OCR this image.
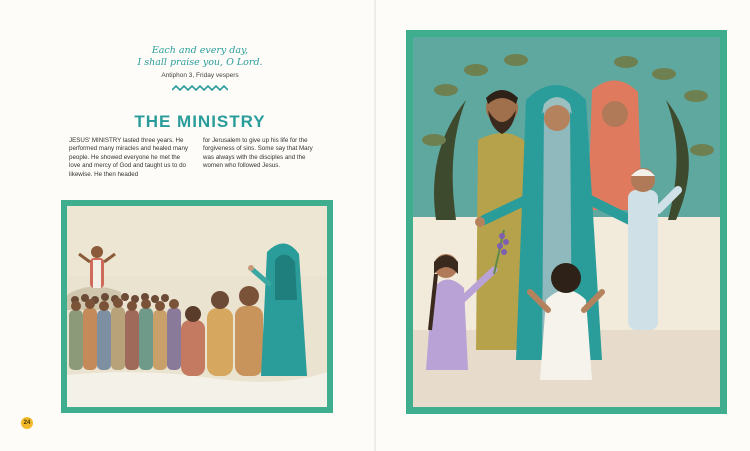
Each and every day,
I shall praise you, O Lord.
Antiphon 3, Friday vespers
THE MINISTRY
JESUS' MINISTRY lasted three years. He performed many miracles and healed many people. He showed everyone he met the love and mercy of God and taught us to do likewise. He then headed
for Jerusalem to give up his life for the forgiveness of sins. Some say that Mary was always with the disciples and the women who followed Jesus.
24
